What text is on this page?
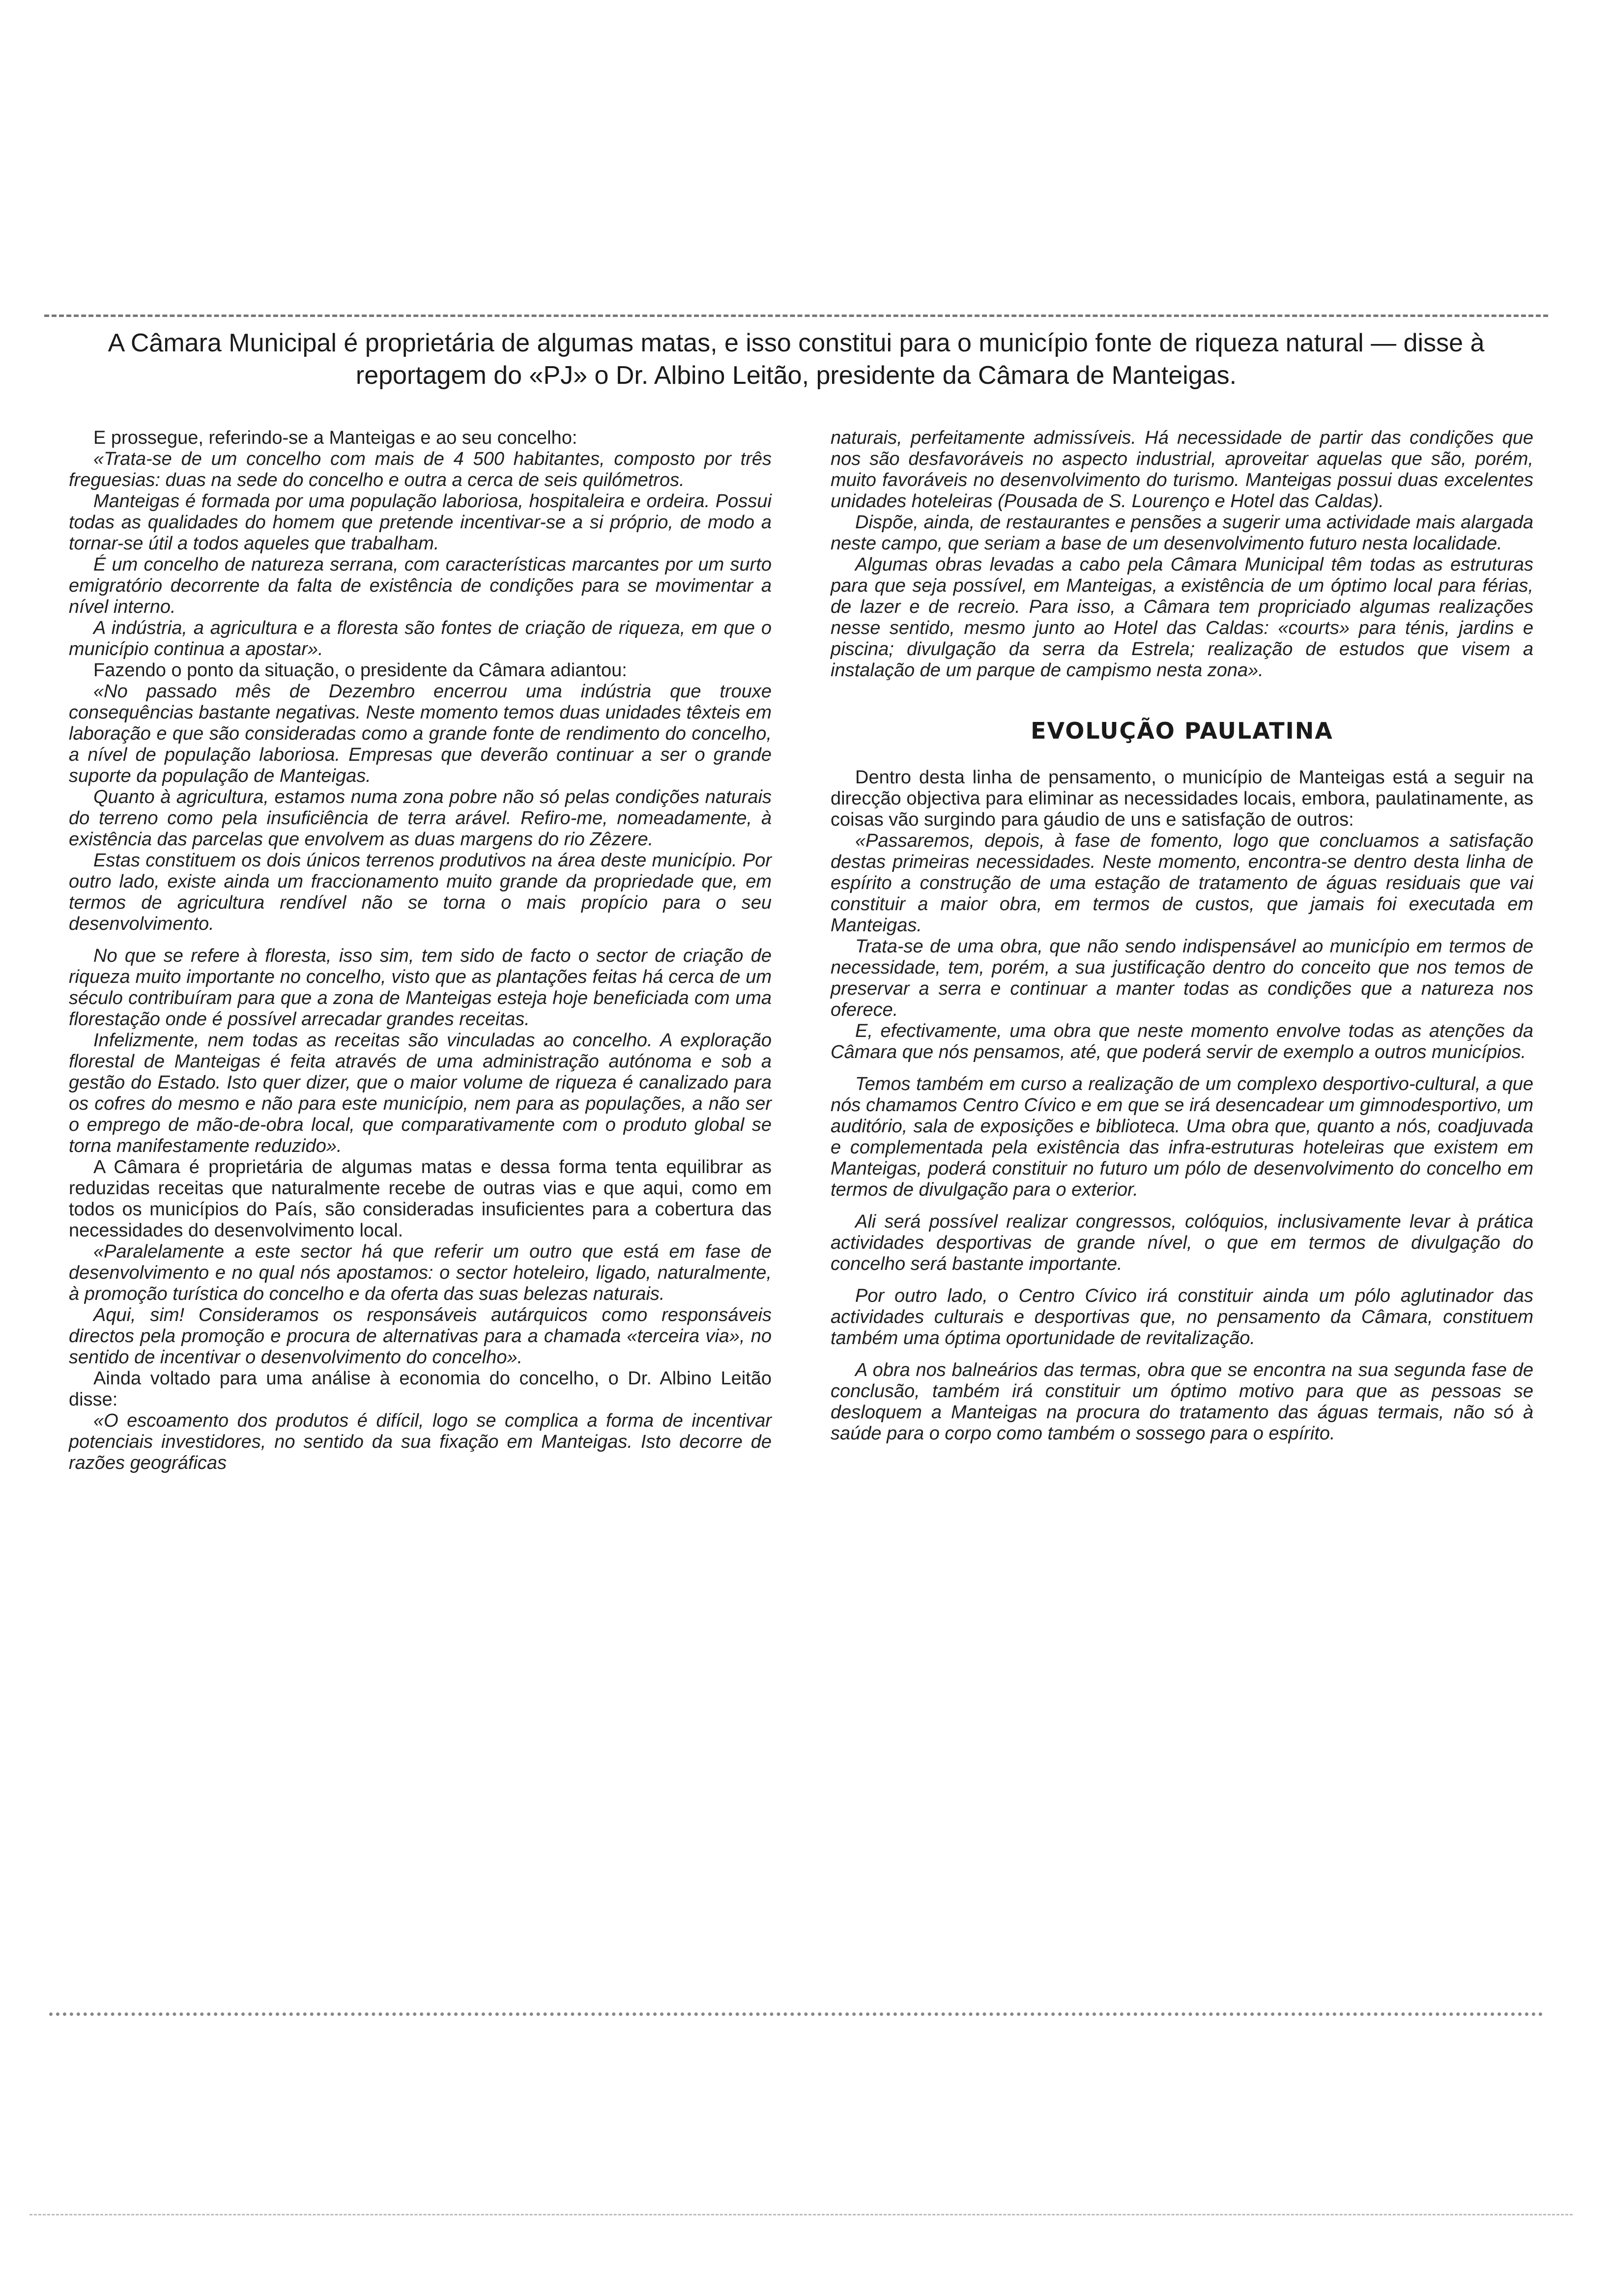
A Câmara Municipal é proprietária de algumas matas, e isso constitui para o município fonte de riqueza natural — disse à reportagem do «PJ» o Dr. Albino Leitão, presidente da Câmara de Manteigas.

E prossegue, referindo-se a Manteigas e ao seu concelho:

«Trata-se de um concelho com mais de 4 500 habitantes, composto por três freguesias: duas na sede do concelho e outra a cerca de seis quilómetros.

Manteigas é formada por uma população laboriosa, hospitaleira e ordeira. Possui todas as qualidades do homem que pretende incentivar-se a si próprio, de modo a tornar-se útil a todos aqueles que trabalham.

É um concelho de natureza serrana, com características marcantes por um surto emigratório decorrente da falta de existência de condições para se movimentar a nível interno.

A indústria, a agricultura e a floresta são fontes de criação de riqueza, em que o município continua a apostar».

Fazendo o ponto da situação, o presidente da Câmara adiantou:

«No passado mês de Dezembro encerrou uma indústria que trouxe consequências bastante negativas. Neste momento temos duas unidades têxteis em laboração e que são consideradas como a grande fonte de rendimento do concelho, a nível de população laboriosa. Empresas que deverão continuar a ser o grande suporte da população de Manteigas.

Quanto à agricultura, estamos numa zona pobre não só pelas condições naturais do terreno como pela insuficiência de terra arável. Refiro-me, nomeadamente, à existência das parcelas que envolvem as duas margens do rio Zêzere.

Estas constituem os dois únicos terrenos produtivos na área deste município. Por outro lado, existe ainda um fraccionamento muito grande da propriedade que, em termos de agricultura rendível não se torna o mais propício para o seu desenvolvimento.

No que se refere à floresta, isso sim, tem sido de facto o sector de criação de riqueza muito importante no concelho, visto que as plantações feitas há cerca de um século contribuíram para que a zona de Manteigas esteja hoje beneficiada com uma florestação onde é possível arrecadar grandes receitas.

Infelizmente, nem todas as receitas são vinculadas ao concelho. A exploração florestal de Manteigas é feita através de uma administração autónoma e sob a gestão do Estado. Isto quer dizer, que o maior volume de riqueza é canalizado para os cofres do mesmo e não para este município, nem para as populações, a não ser o emprego de mão-de-obra local, que comparativamente com o produto global se torna manifestamente reduzido».

A Câmara é proprietária de algumas matas e dessa forma tenta equilibrar as reduzidas receitas que naturalmente recebe de outras vias e que aqui, como em todos os municípios do País, são consideradas insuficientes para a cobertura das necessidades do desenvolvimento local.

«Paralelamente a este sector há que referir um outro que está em fase de desenvolvimento e no qual nós apostamos: o sector hoteleiro, ligado, naturalmente, à promoção turística do concelho e da oferta das suas belezas naturais.

Aqui, sim! Consideramos os responsáveis autárquicos como responsáveis directos pela promoção e procura de alternativas para a chamada «terceira via», no sentido de incentivar o desenvolvimento do concelho».

Ainda voltado para uma análise à economia do concelho, o Dr. Albino Leitão disse:

«O escoamento dos produtos é difícil, logo se complica a forma de incentivar potenciais investidores, no sentido da sua fixação em Manteigas. Isto decorre de razões geográficas

naturais, perfeitamente admissíveis. Há necessidade de partir das condições que nos são desfavoráveis no aspecto industrial, aproveitar aquelas que são, porém, muito favoráveis no desenvolvimento do turismo. Manteigas possui duas excelentes unidades hoteleiras (Pousada de S. Lourenço e Hotel das Caldas).

Dispõe, ainda, de restaurantes e pensões a sugerir uma actividade mais alargada neste campo, que seriam a base de um desenvolvimento futuro nesta localidade.

Algumas obras levadas a cabo pela Câmara Municipal têm todas as estruturas para que seja possível, em Manteigas, a existência de um óptimo local para férias, de lazer e de recreio. Para isso, a Câmara tem propriciado algumas realizações nesse sentido, mesmo junto ao Hotel das Caldas: «courts» para ténis, jardins e piscina; divulgação da serra da Estrela; realização de estudos que visem a instalação de um parque de campismo nesta zona».

EVOLUÇÃO PAULATINA

Dentro desta linha de pensamento, o município de Manteigas está a seguir na direcção objectiva para eliminar as necessidades locais, embora, paulatinamente, as coisas vão surgindo para gáudio de uns e satisfação de outros:

«Passaremos, depois, à fase de fomento, logo que concluamos a satisfação destas primeiras necessidades. Neste momento, encontra-se dentro desta linha de espírito a construção de uma estação de tratamento de águas residuais que vai constituir a maior obra, em termos de custos, que jamais foi executada em Manteigas.

Trata-se de uma obra, que não sendo indispensável ao município em termos de necessidade, tem, porém, a sua justificação dentro do conceito que nos temos de preservar a serra e continuar a manter todas as condições que a natureza nos oferece.

E, efectivamente, uma obra que neste momento envolve todas as atenções da Câmara que nós pensamos, até, que poderá servir de exemplo a outros municípios.

Temos também em curso a realização de um complexo desportivo-cultural, a que nós chamamos Centro Cívico e em que se irá desencadear um gimnodesportivo, um auditório, sala de exposições e biblioteca. Uma obra que, quanto a nós, coadjuvada e complementada pela existência das infra-estruturas hoteleiras que existem em Manteigas, poderá constituir no futuro um pólo de desenvolvimento do concelho em termos de divulgação para o exterior.

Ali será possível realizar congressos, colóquios, inclusivamente levar à prática actividades desportivas de grande nível, o que em termos de divulgação do concelho será bastante importante.

Por outro lado, o Centro Cívico irá constituir ainda um pólo aglutinador das actividades culturais e desportivas que, no pensamento da Câmara, constituem também uma óptima oportunidade de revitalização.

A obra nos balneários das termas, obra que se encontra na sua segunda fase de conclusão, também irá constituir um óptimo motivo para que as pessoas se desloquem a Manteigas na procura do tratamento das águas termais, não só à saúde para o corpo como também o sossego para o espírito.
